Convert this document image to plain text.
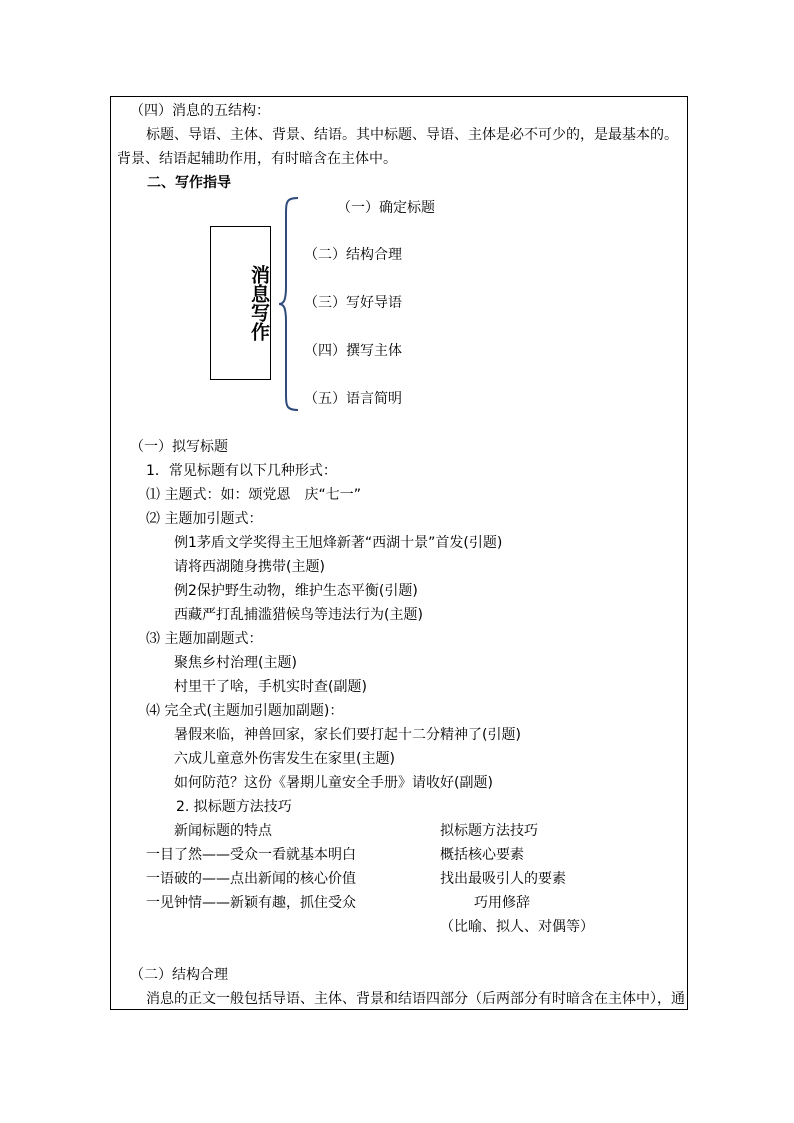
（四）消息的五结构：
标题、导语、主体、背景、结语。其中标题、导语、主体是必不可少的，是最基本的。
背景、结语起辅助作用，有时暗含在主体中。
二、写作指导
消息写作
（一）确定标题
（二）结构合理
（三）写好导语
（四）撰写主体
（五）语言简明
（一）拟写标题
1．常见标题有以下几种形式：
⑴ 主题式：如：颂党恩　庆“七一”
⑵ 主题加引题式：
例1茅盾文学奖得主王旭烽新著“西湖十景”首发(引题)
请将西湖随身携带(主题)
例2保护野生动物，维护生态平衡(引题)
西藏严打乱捕滥猎候鸟等违法行为(主题)
⑶ 主题加副题式：
聚焦乡村治理(主题)
村里干了啥，手机实时查(副题)
⑷ 完全式(主题加引题加副题)：
暑假来临，神兽回家，家长们要打起十二分精神了(引题)
六成儿童意外伤害发生在家里(主题)
如何防范？这份《暑期儿童安全手册》请收好(副题)
2. 拟标题方法技巧
新闻标题的特点
一目了然——受众一看就基本明白
一语破的——点出新闻的核心价值
一见钟情——新颖有趣，抓住受众
拟标题方法技巧
概括核心要素
找出最吸引人的要素
巧用修辞
（比喻、拟人、对偶等）
（二）结构合理
消息的正文一般包括导语、主体、背景和结语四部分（后两部分有时暗含在主体中），通
